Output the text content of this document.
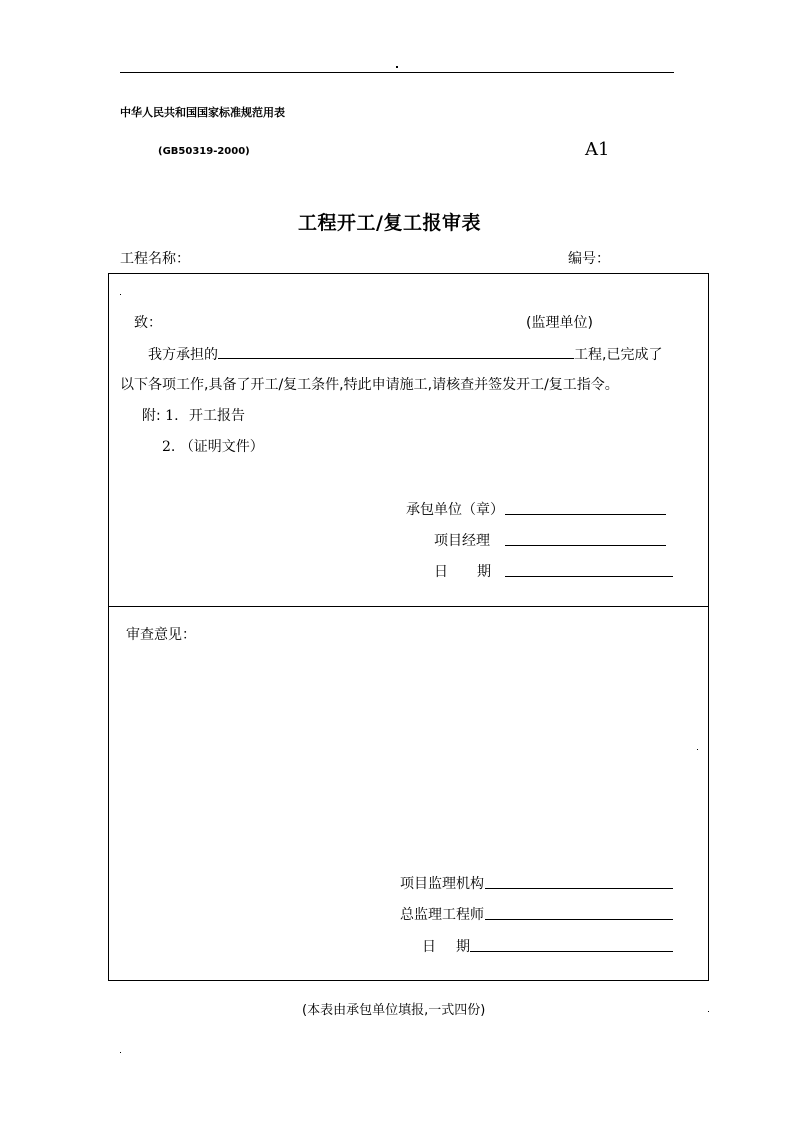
中华人民共和国国家标准规范用表
(GB50319-2000)	A1
工程开工/复工报审表
工程名称：	编号：
致：	(监理单位)
我方承担的	工程,已完成了
以下各项工作,具备了开工/复工条件,特此申请施工,请核查并签发开工/复工指令。
附: 1. 开工报告
2. （证明文件）
承包单位（章）
项目经理
日 期
审查意见：
项目监理机构
总监理工程师
日 期
(本表由承包单位填报,一式四份)
